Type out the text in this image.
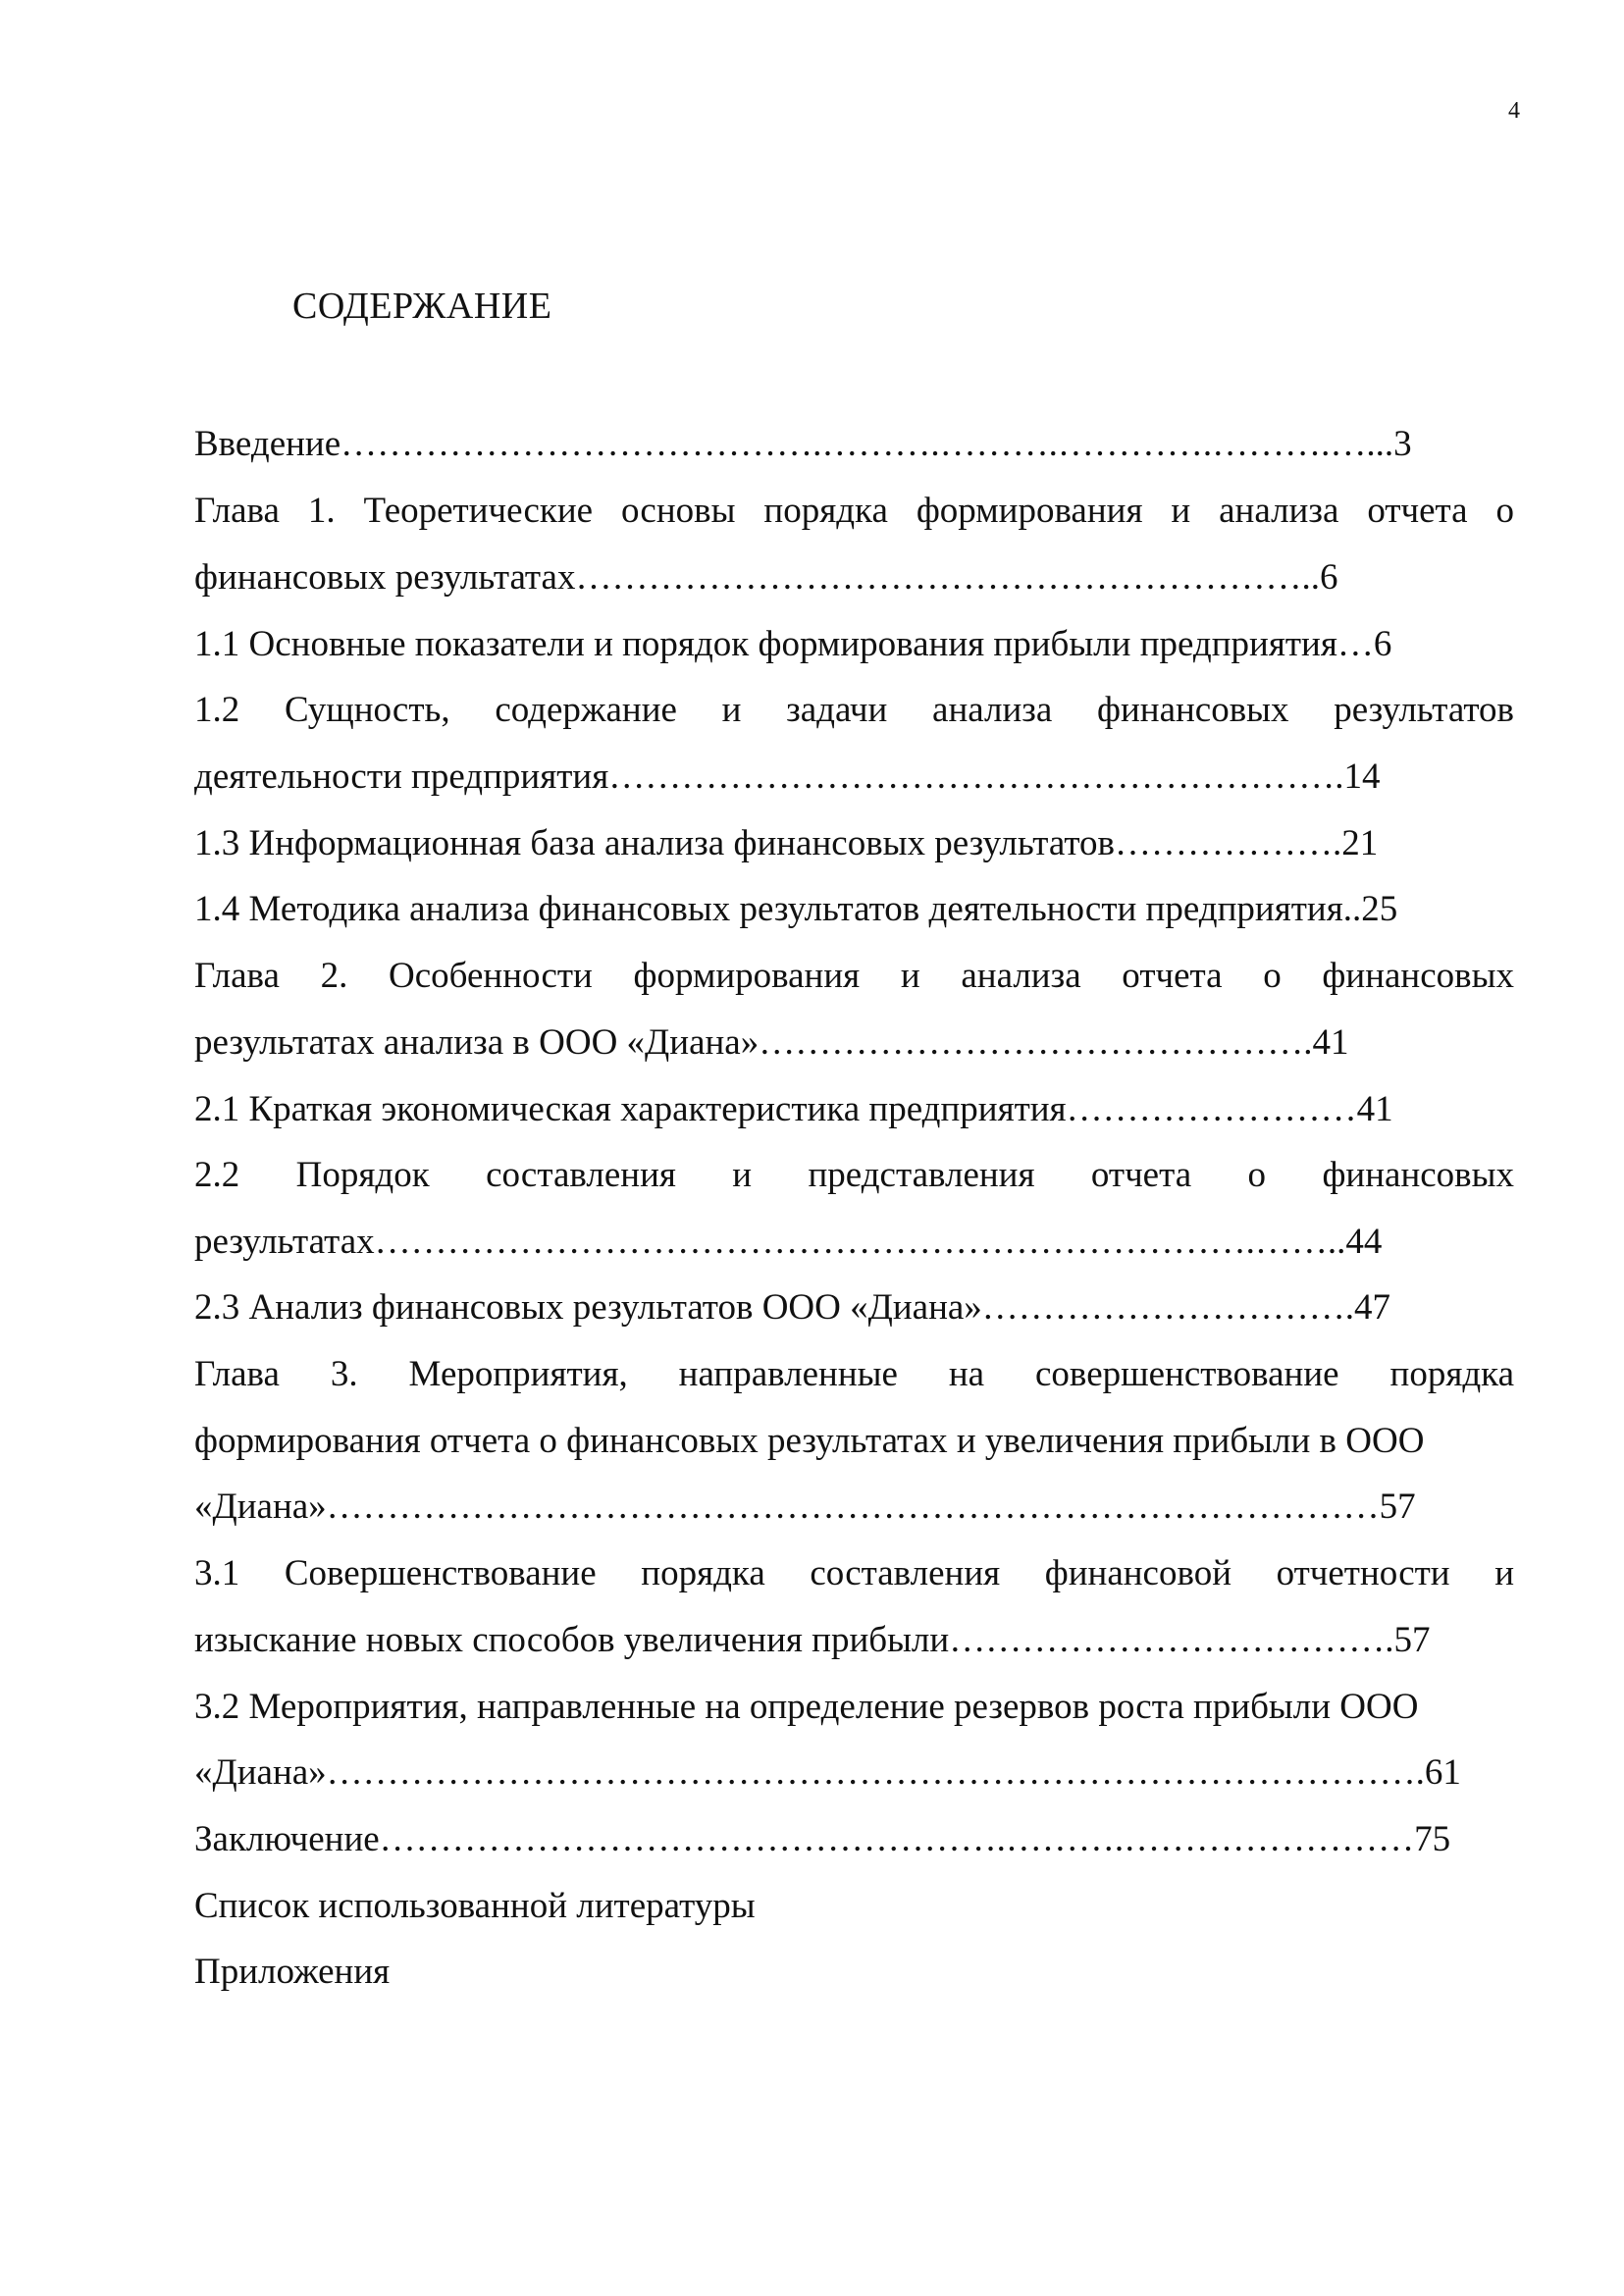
4
СОДЕРЖАНИЕ
Введение………………………………….……….……….………….……….…...3
Глава 1. Теоретические основы порядка формирования и анализа отчета о
финансовых результатах……………………………………………………..6
1.1 Основные показатели и порядок формирования прибыли предприятия…6
1.2 Сущность, содержание и задачи анализа финансовых результатов
деятельности предприятия…………………………………………………….14
1.3 Информационная база анализа финансовых результатов……………….21
1.4 Методика анализа финансовых результатов деятельности предприятия..25
Глава 2. Особенности формирования и анализа отчета о финансовых
результатах анализа в ООО «Диана»……………………………………….41
2.1 Краткая экономическая характеристика предприятия……………………41
2.2 Порядок составления и представления отчета о финансовых
результатах……………………………………………………………….……..44
2.3 Анализ финансовых результатов ООО «Диана»………………………….47
Глава 3. Мероприятия, направленные на совершенствование порядка
формирования отчета о финансовых результатах и увеличения прибыли в ООО
«Диана»……………………………………………………………………………57
3.1 Совершенствование порядка составления финансовой отчетности и
изыскание новых способов увеличения прибыли……………………………….57
3.2 Мероприятия, направленные на определение резервов роста прибыли ООО
«Диана»……………………………………………………………………………….61
Заключение…………………………………………….……….……………………75
Список использованной литературы
Приложения
